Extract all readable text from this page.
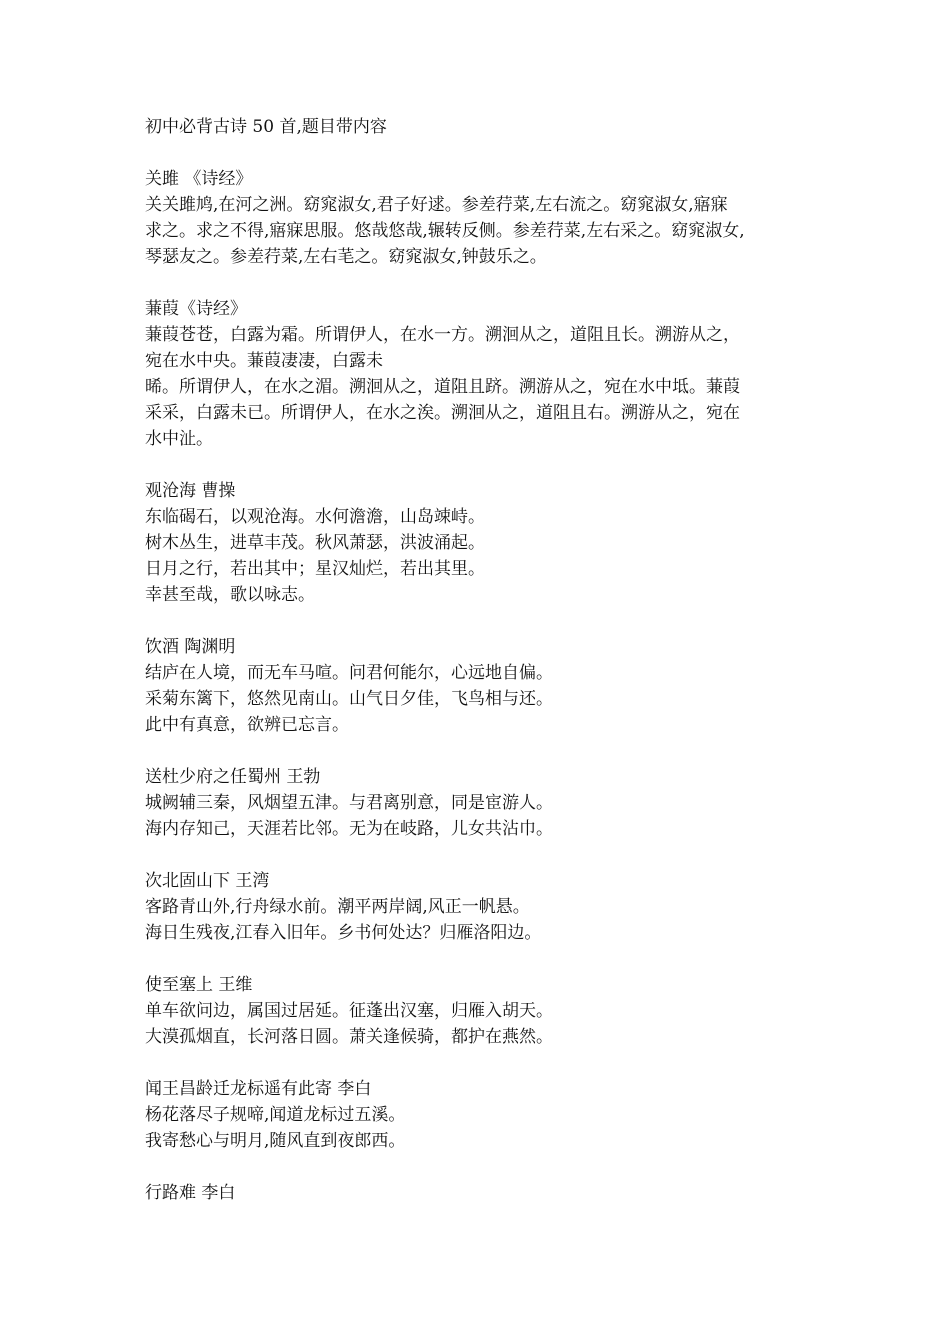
初中必背古诗 50 首,题目带内容
关雎 《诗经》
关关雎鸠,在河之洲。窈窕淑女,君子好逑。参差荇菜,左右流之。窈窕淑女,寤寐
求之。求之不得,寤寐思服。悠哉悠哉,辗转反侧。参差荇菜,左右采之。窈窕淑女,
琴瑟友之。参差荇菜,左右芼之。窈窕淑女,钟鼓乐之。
蒹葭《诗经》
蒹葭苍苍，白露为霜。所谓伊人，在水一方。溯洄从之，道阻且长。溯游从之，
宛在水中央。蒹葭凄凄，白露未
晞。所谓伊人，在水之湄。溯洄从之，道阻且跻。溯游从之，宛在水中坻。蒹葭
采采，白露未已。所谓伊人，在水之涘。溯洄从之，道阻且右。溯游从之，宛在
水中沚。
观沧海 曹操
东临碣石，以观沧海。水何澹澹，山岛竦峙。
树木丛生，进草丰茂。秋风萧瑟，洪波涌起。
日月之行，若出其中；星汉灿烂，若出其里。
幸甚至哉，歌以咏志。
饮酒 陶渊明
结庐在人境，而无车马喧。问君何能尔，心远地自偏。
采菊东篱下，悠然见南山。山气日夕佳，飞鸟相与还。
此中有真意，欲辨已忘言。
送杜少府之任蜀州 王勃
城阙辅三秦，风烟望五津。与君离别意，同是宦游人。
海内存知己，天涯若比邻。无为在岐路，儿女共沾巾。
次北固山下 王湾
客路青山外,行舟绿水前。潮平两岸阔,风正一帆悬。
海日生残夜,江春入旧年。乡书何处达？归雁洛阳边。
使至塞上 王维
单车欲问边，属国过居延。征蓬出汉塞，归雁入胡天。
大漠孤烟直，长河落日圆。萧关逢候骑，都护在燕然。
闻王昌龄迁龙标遥有此寄 李白
杨花落尽子规啼,闻道龙标过五溪。
我寄愁心与明月,随风直到夜郎西。
行路难 李白
